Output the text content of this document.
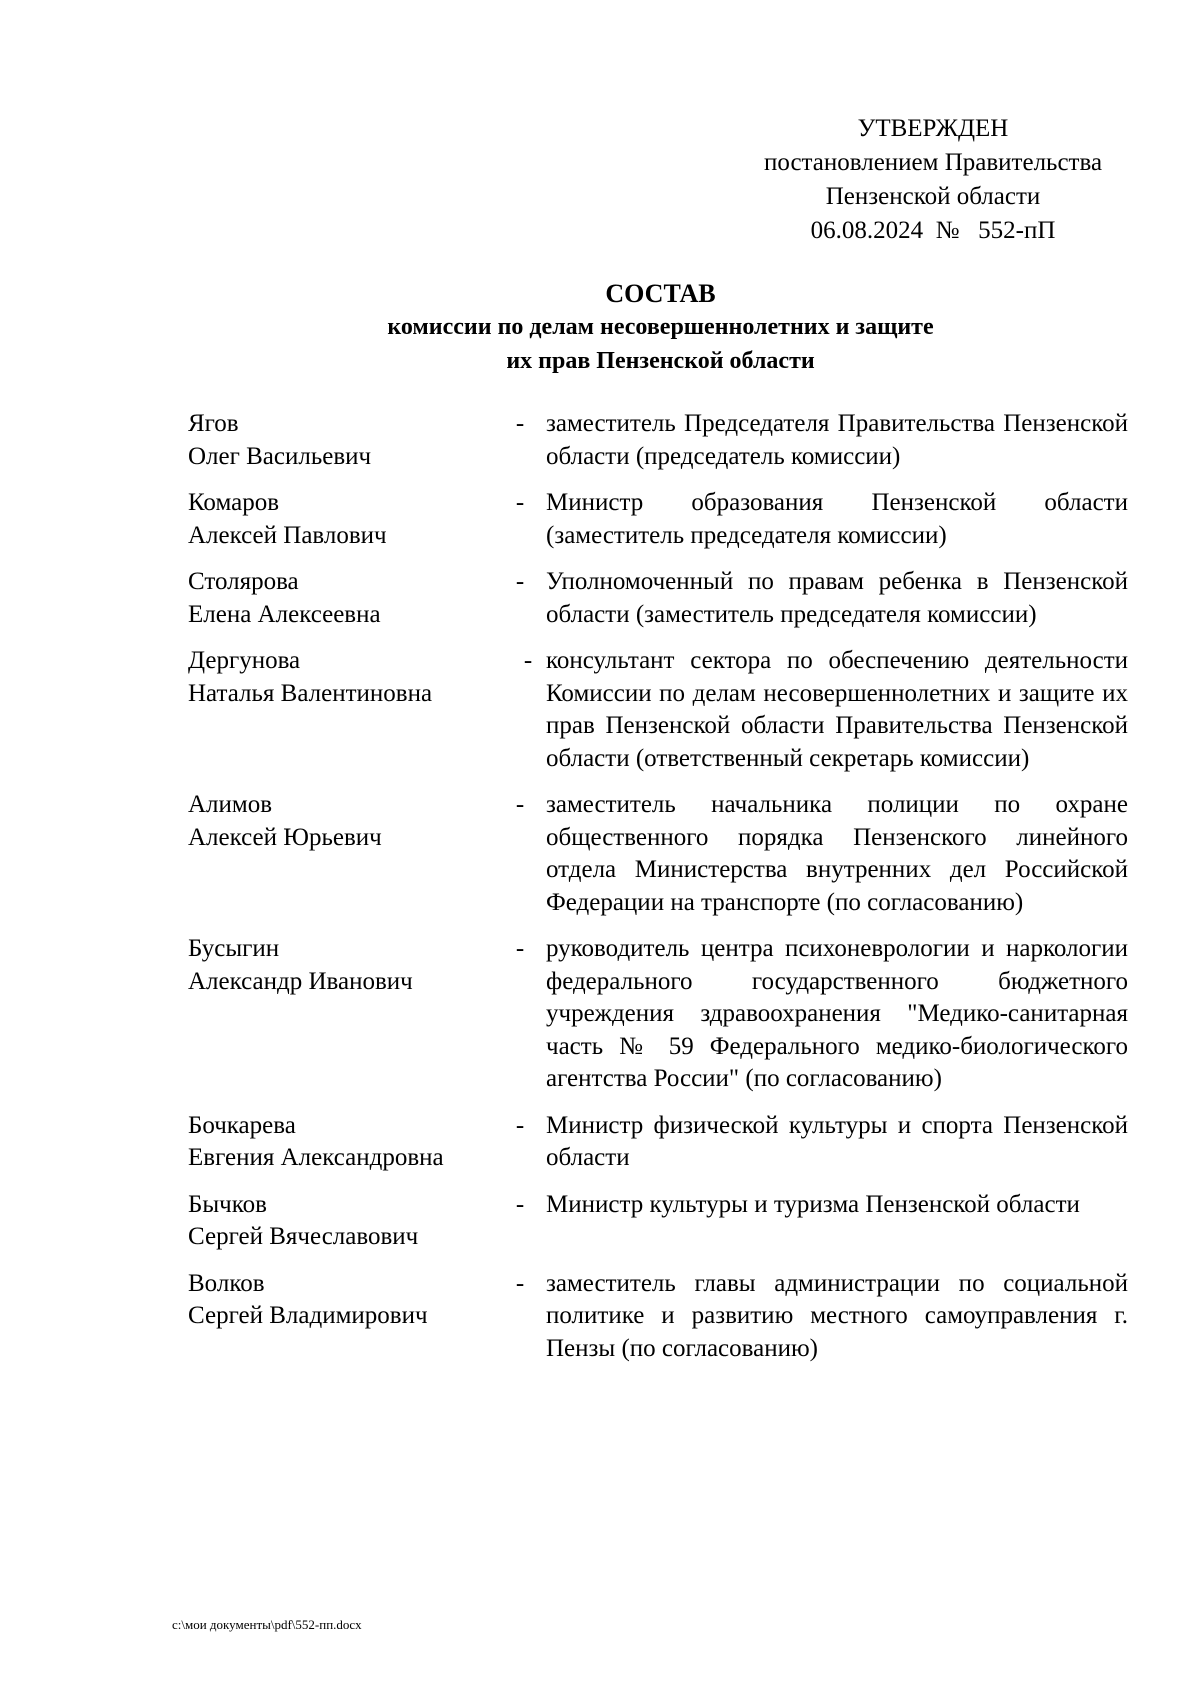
УТВЕРЖДЕН
постановлением Правительства
Пензенской области
06.08.2024  №   552-пП
СОСТАВ
комиссии по делам несовершеннолетних и защите
их прав Пензенской области
Ягов
Олег Васильевич
- заместитель Председателя Правительства Пензенской области (председатель комиссии)
Комаров
Алексей Павлович
- Министр образования Пензенской области (заместитель председателя комиссии)
Столярова
Елена Алексеевна
- Уполномоченный по правам ребенка в Пензенской области (заместитель председателя комиссии)
Дергунова
Наталья Валентиновна
- консультант сектора по обеспечению деятельности Комиссии по делам несовершеннолетних и защите их прав Пензенской области Правительства Пензенской области (ответственный секретарь комиссии)
Алимов
Алексей Юрьевич
- заместитель начальника полиции по охране общественного порядка Пензенского линейного отдела Министерства внутренних дел Российской Федерации на транспорте (по согласованию)
Бусыгин
Александр Иванович
- руководитель центра психоневрологии и наркологии федерального государственного бюджетного учреждения здравоохранения "Медико-санитарная часть № 59 Федерального медико-биологического агентства России" (по согласованию)
Бочкарева
Евгения Александровна
- Министр физической культуры и спорта Пензенской области
Бычков
Сергей Вячеславович
- Министр культуры и туризма Пензенской области
Волков
Сергей Владимирович
- заместитель главы администрации по социальной политике и развитию местного самоуправления г. Пензы (по согласованию)
c:\мои документы\pdf\552-пп.docx
